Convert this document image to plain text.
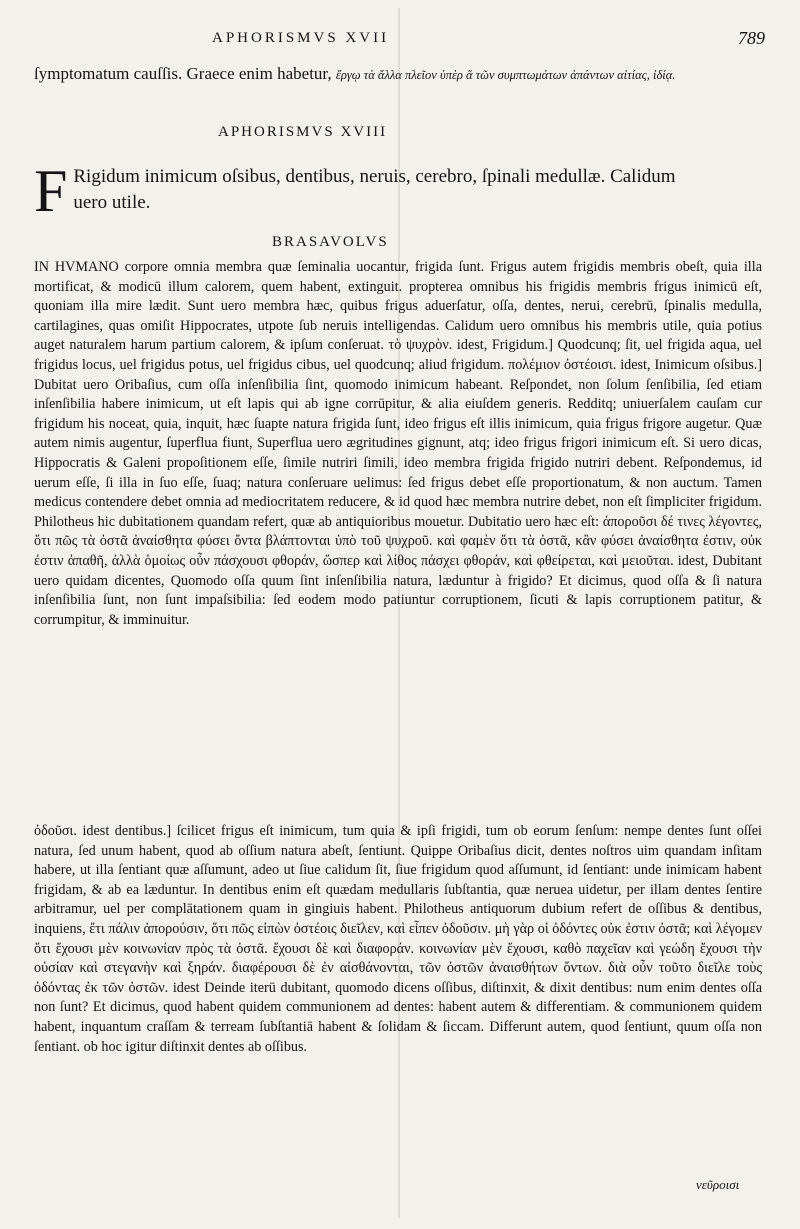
APHORISMVS XVII	789
ſymptomatum cauſſis. Graece enim habetur, ἔργῳ τὰ ἄλλα πλεῖον ὑπὲρ ἅ τῶν συμπτωμάτων ἀπάντων αἰτίας, ἰδίᾳ.
APHORISMVS XVIII
F Rigidum inimicum oſsibus, dentibus, neruis, cerebro, ſpinali medullæ. Calidum uero utile.
BRASAVOLVS
IN HVMANO corpore omnia membra quæ ſeminalia uocantur, frigida ſunt. Frigus autem frigidis membris obeſt, quia illa mortificat, & modicū illum calorem, quem habent, extinguit. propterea omnibus his frigidis membris frigus inimicū eſt, quoniam illa mire lædit. Sunt uero membra hæc, quibus frigus aduerſatur, oſſa, dentes, nerui, cerebrū, ſpinalis medulla, cartilagines, quas omiſit Hippocrates, utpote ſub neruis intelligendas. Calidum uero omnibus his membris utile, quia potius auget naturalem harum partium calorem, & ipſum conſeruat. τὸ ψυχρὸν. idest, Frigidum.] Quodcunq; ſit, uel frigida aqua, uel frigidus locus, uel frigidus potus, uel frigidus cibus, uel quodcunq; aliud frigidum. πολέμιον ὀστέοισι. idest, Inimicum oſsibus.] Dubitat uero Oribaſius, cum oſſa inſenſibilia ſint, quomodo inimicum habeant. Reſpondet, non ſolum ſenſibilia, ſed etiam inſenſibilia habere inimicum, ut eſt lapis qui ab igne corrūpitur, & alia eiuſdem generis. Redditq; uniuerſalem cauſam cur frigidum his noceat, quia, inquit, hæc ſuapte natura frigida ſunt, ideo frigus eſt illis inimicum, quia frigus frigore augetur. Quæ autem nimis augentur, ſuperflua fiunt, Superflua uero ægritudines gignunt, atq; ideo frigus frigori inimicum eſt. Si uero dicas, Hippocratis & Galeni propoſitionem eſſe, ſimile nutriri ſimili, ideo membra frigida frigido nutriri debent. Reſpondemus, id uerum eſſe, ſi illa in ſuo eſſe, ſuaq; natura conſeruare uelimus: ſed frigus debet eſſe proportionatum, & non auctum. Tamen medicus contendere debet omnia ad mediocritatem reducere, & id quod hæc membra nutrire debet, non eſt ſimpliciter frigidum. Philotheus hic dubitationem quandam refert, quæ ab antiquioribus mouetur. Dubitatio uero hæc eſt: ἀποροῦσι δέ τινες λέγοντες, ὅτι πῶς τὰ ὀστᾶ ἀναίσθητα φύσει ὄντα βλάπτονται ὑπὸ τοῦ ψυχροῦ. καὶ φαμὲν ὅτι τὰ ὀστᾶ, κἂν φύσει ἀναίσθητα ἐστιν, οὐκ ἐστιν ἀπαθῆ, ἀλλὰ ὁμοίως οὖν πάσχουσι φθοράν, ὥσπερ καὶ λίθος πάσχει φθοράν, καὶ φθείρεται, καὶ μειοῦται. idest, Dubitant uero quidam dicentes, Quomodo oſſa quum ſint inſenſibilia natura, læduntur à frigido? Et dicimus, quod oſſa & ſi natura inſenſibilia ſunt, non ſunt impaſsibilia: ſed eodem modo patiuntur corruptionem, ſicuti & lapis corruptionem patitur, & corrumpitur, & imminuitur.
ὀδοῦσι. idest dentibus.] ſcilicet frigus eſt inimicum, tum quia & ipſi frigidi, tum ob eorum ſenſum: nempe dentes ſunt oſſei natura, ſed unum habent, quod ab oſſium natura abeſt, ſentiunt. Quippe Oribaſius dicit, dentes noſtros uim quandam inſitam habere, ut illa ſentiant quæ aſſumunt, adeo ut ſiue calidum ſit, ſiue frigidum quod aſſumunt, id ſentiant: unde inimicam habent frigidam, & ab ea læduntur. In dentibus enim eſt quædam medullaris ſubſtantia, quæ neruea uidetur, per illam dentes ſentire arbitramur, uel per complātationem quam in gingiuis habent. Philotheus antiquorum dubium refert de oſſibus & dentibus, inquiens, ἔτι πάλιν ἀπορούσιν, ὅτι πῶς εἰπὼν ὀστέοις διεῖλεν, καὶ εἶπεν ὀδοῦσιν. μὴ γὰρ οἱ ὀδόντες οὐκ ἐστιν ὀστᾶ; καὶ λέγομεν ὅτι ἔχουσι μὲν κοινωνίαν πρὸς τὰ ὀστᾶ. ἔχουσι δὲ καὶ διαφοράν. κοινωνίαν μὲν ἔχουσι, καθὸ παχεῖαν καὶ γεώδη ἔχουσι τὴν οὐσίαν καὶ στεγανὴν καὶ ξηράν. διαφέρουσι δὲ ἐν αἰσθάνονται, τῶν ὀστῶν ἀναισθήτων ὄντων. διὰ οὖν τοῦτο διεῖλε τοὺς ὀδόντας ἐκ τῶν ὀστῶν. idest Deinde iterū dubitant, quomodo dicens oſſibus, diſtinxit, & dixit dentibus: num enim dentes oſſa non ſunt? Et dicimus, quod habent quidem communionem ad dentes: habent autem & differentiam. & communionem quidem habent, inquantum craſſam & terream ſubſtantiā habent & ſolidam & ſiccam. Differunt autem, quod ſentiunt, quum oſſa non ſentiant. ob hoc igitur diſtinxit dentes ab oſſibus.
νεῦροισι
